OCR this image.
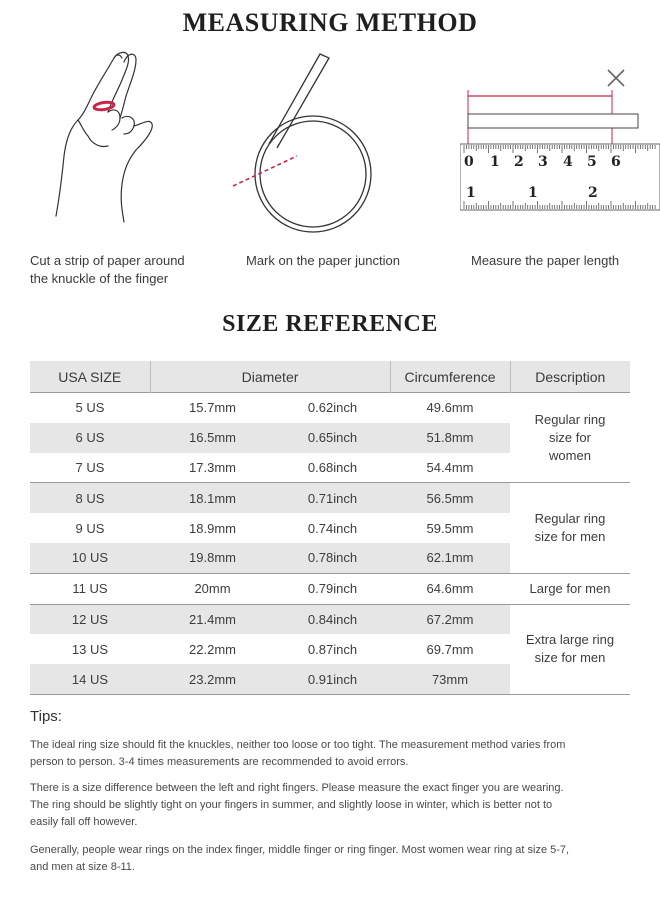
MEASURING METHOD
Cut a strip of paper around
the knuckle of the finger
Mark on the paper junction
0 1 2 3 4 5 6
1	1	2
Measure the paper length
SIZE REFERENCE
USA SIZE	Diameter		Circumference	Description
5 US	15.7mm	0.62inch	49.6mm	Regular ring
size for
women

6 US	16.5mm	0.65inch	51.8mm	
7 US	17.3mm	0.68inch	54.4mm	
8 US	18.1mm	0.71inch	56.5mm	Regular ring
size for men

9 US	18.9mm	0.74inch	59.5mm	
10 US	19.8mm	0.78inch	62.1mm	
11 US	20mm	0.79inch	64.6mm	Large for men
12 US	21.4mm	0.84inch	67.2mm	Extra large ring
size for men

13 US	22.2mm	0.87inch	69.7mm	
14 US	23.2mm	0.91inch	73mm	
Tips:
The ideal ring size should fit the knuckles, neither too loose or too tight. The measurement method varies from
person to person. 3-4 times measurements are recommended to avoid errors.
There is a size difference between the left and right fingers. Please measure the exact finger you are wearing.
The ring should be slightly tight on your fingers in summer, and slightly loose in winter, which is better not to
easily fall off however.
Generally, people wear rings on the index finger, middle finger or ring finger. Most women wear ring at size 5-7,
and men at size 8-11.
